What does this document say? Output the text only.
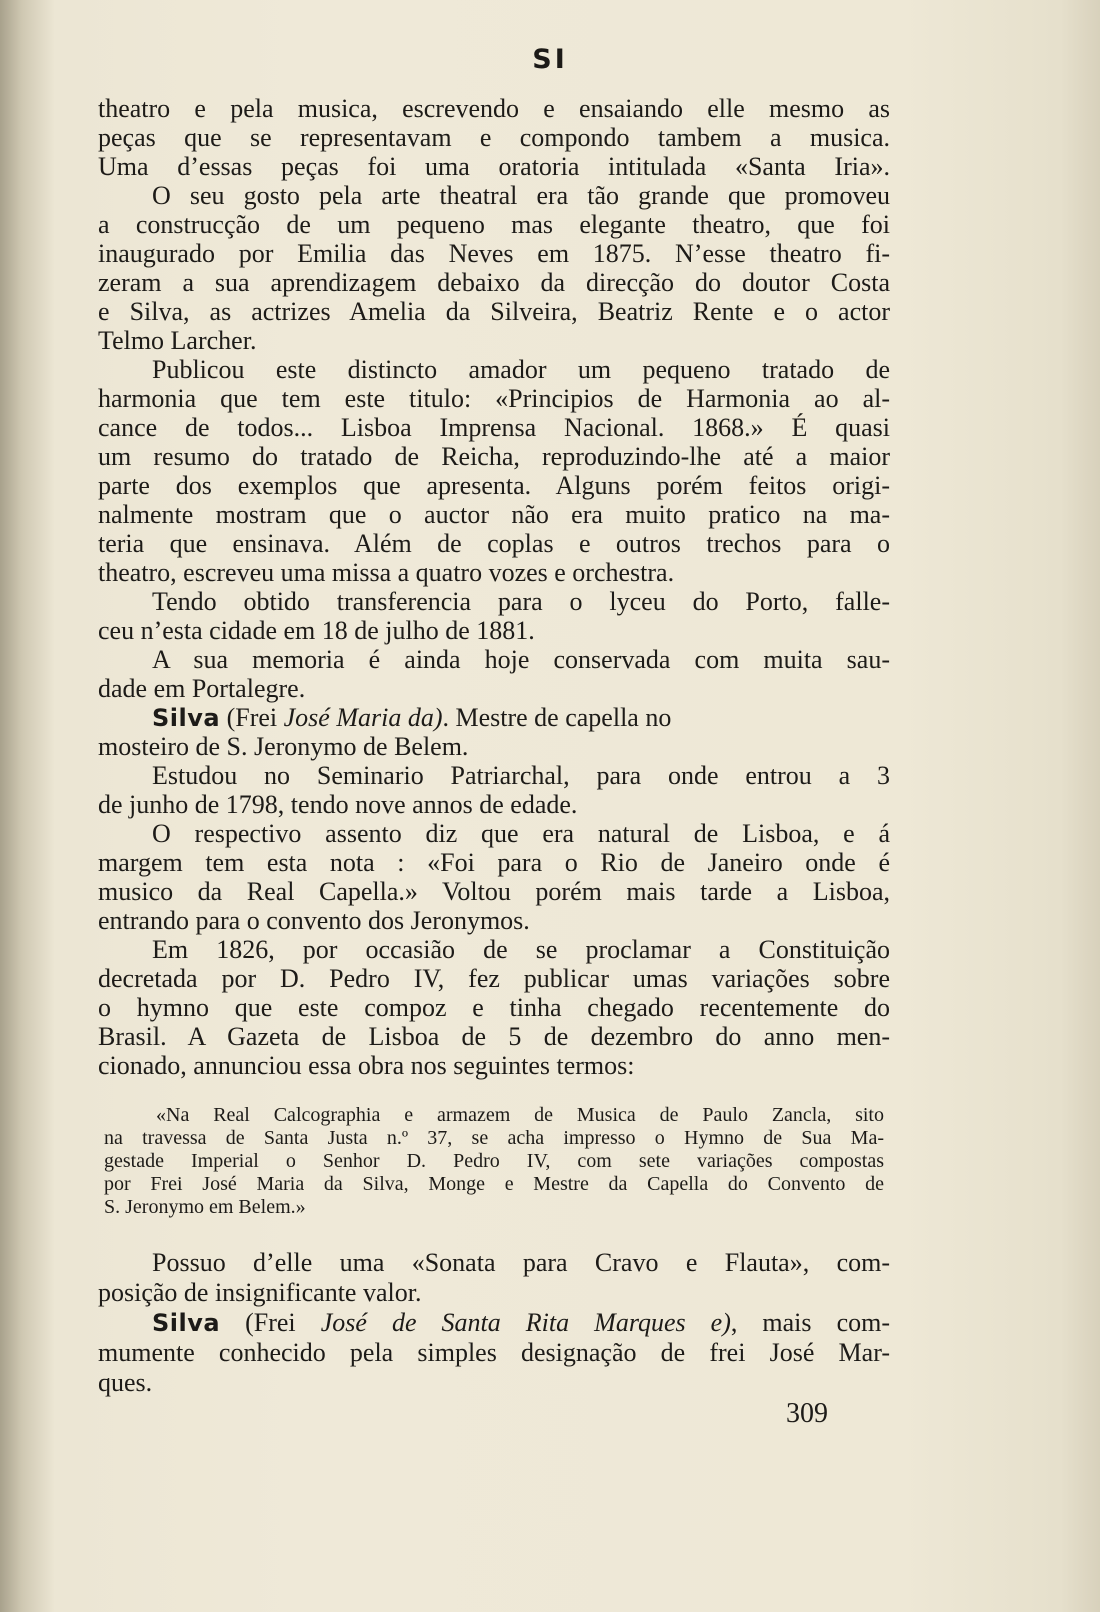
SI
theatro e pela musica, escrevendo e ensaiando elle mesmo as
peças que se representavam e compondo tambem a musica.
Uma d’essas peças foi uma oratoria intitulada «Santa Iria».
O seu gosto pela arte theatral era tão grande que promoveu
a construcção de um pequeno mas elegante theatro, que foi
inaugurado por Emilia das Neves em 1875. N’esse theatro fi-
zeram a sua aprendizagem debaixo da direcção do doutor Costa
e Silva, as actrizes Amelia da Silveira, Beatriz Rente e o actor
Telmo Larcher.
Publicou este distincto amador um pequeno tratado de
harmonia que tem este titulo: «Principios de Harmonia ao al-
cance de todos... Lisboa Imprensa Nacional. 1868.» É quasi
um resumo do tratado de Reicha, reproduzindo-lhe até a maior
parte dos exemplos que apresenta. Alguns porém feitos origi-
nalmente mostram que o auctor não era muito pratico na ma-
teria que ensinava. Além de coplas e outros trechos para o
theatro, escreveu uma missa a quatro vozes e orchestra.
Tendo obtido transferencia para o lyceu do Porto, falle-
ceu n’esta cidade em 18 de julho de 1881.
A sua memoria é ainda hoje conservada com muita sau-
dade em Portalegre.
Silva (Frei José Maria da). Mestre de capella no
mosteiro de S. Jeronymo de Belem.
Estudou no Seminario Patriarchal, para onde entrou a 3
de junho de 1798, tendo nove annos de edade.
O respectivo assento diz que era natural de Lisboa, e á
margem tem esta nota : «Foi para o Rio de Janeiro onde é
musico da Real Capella.» Voltou porém mais tarde a Lisboa,
entrando para o convento dos Jeronymos.
Em 1826, por occasião de se proclamar a Constituição
decretada por D. Pedro IV, fez publicar umas variações sobre
o hymno que este compoz e tinha chegado recentemente do
Brasil. A Gazeta de Lisboa de 5 de dezembro do anno men-
cionado, annunciou essa obra nos seguintes termos:
«Na Real Calcographia e armazem de Musica de Paulo Zancla, sito
na travessa de Santa Justa n.º 37, se acha impresso o Hymno de Sua Ma-
gestade Imperial o Senhor D. Pedro IV, com sete variações compostas
por Frei José Maria da Silva, Monge e Mestre da Capella do Convento de
S. Jeronymo em Belem.»
Possuo d’elle uma «Sonata para Cravo e Flauta», com-
posição de insignificante valor.
Silva (Frei José de Santa Rita Marques e), mais com-
mumente conhecido pela simples designação de frei José Mar-
ques.
309
